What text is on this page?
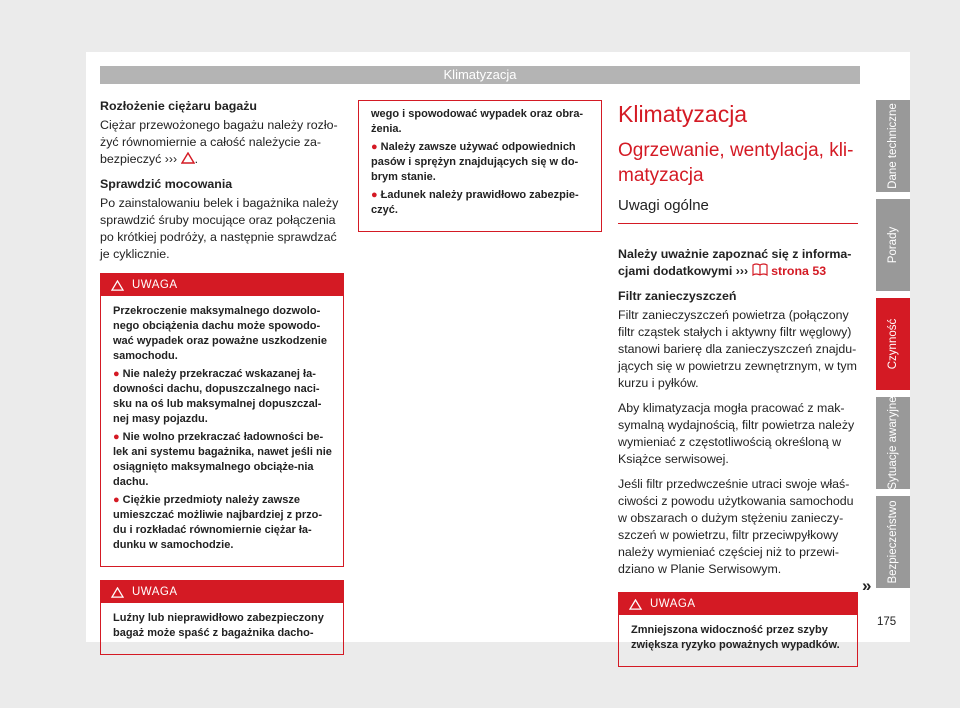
Klimatyzacja

Rozłożenie ciężaru bagażu

Ciężar przewożonego bagażu należy rozło-żyć równomiernie a całość należycie za-bezpieczyć ››› .

Sprawdzić mocowania

Po zainstalowaniu belek i bagażnika należy sprawdzić śruby mocujące oraz połączenia po krótkiej podróży, a następnie sprawdzać je cyklicznie.

UWAGA

Przekroczenie maksymalnego dozwolo-nego obciążenia dachu może spowodo-wać wypadek oraz poważne uszkodzenie samochodu.

● Nie należy przekraczać wskazanej ła-downości dachu, dopuszczalnego naci-sku na oś lub maksymalnej dopuszczal-nej masy pojazdu.

● Nie wolno przekraczać ładowności be-lek ani systemu bagażnika, nawet jeśli nie osiągnięto maksymalnego obciąże-nia dachu.

● Ciężkie przedmioty należy zawsze umieszczać możliwie najbardziej z przo-du i rozkładać równomiernie ciężar ła-dunku w samochodzie.

UWAGA

Luźny lub nieprawidłowo zabezpieczony bagaż może spaść z bagażnika dacho-

wego i spowodować wypadek oraz obra-żenia.

● Należy zawsze używać odpowiednich pasów i sprężyn znajdujących się w do-brym stanie.

● Ładunek należy prawidłowo zabezpie-czyć.

Klimatyzacja
Ogrzewanie, wentylacja, kli-matyzacja
Uwagi ogólne

Należy uważnie zapoznać się z informa-cjami dodatkowymi ››› strona 53

Filtr zanieczyszczeń

Filtr zanieczyszczeń powietrza (połączony filtr cząstek stałych i aktywny filtr węglowy) stanowi barierę dla zanieczyszczeń znajdu-jących się w powietrzu zewnętrznym, w tym kurzu i pyłków.

Aby klimatyzacja mogła pracować z mak-symalną wydajnością, filtr powietrza należy wymieniać z częstotliwością określoną w Książce serwisowej.

Jeśli filtr przedwcześnie utraci swoje właś-ciwości z powodu użytkowania samochodu w obszarach o dużym stężeniu zanieczy-szczeń w powietrzu, filtr przeciwpyłkowy należy wymieniać częściej niż to przewi-dziano w Planie Serwisowym.

UWAGA

Zmniejszona widoczność przez szyby zwiększa ryzyko poważnych wypadków.

»
Dane techniczne
Porady
Czynność
Sytuacje awaryjne
Bezpieczeństwo
175
